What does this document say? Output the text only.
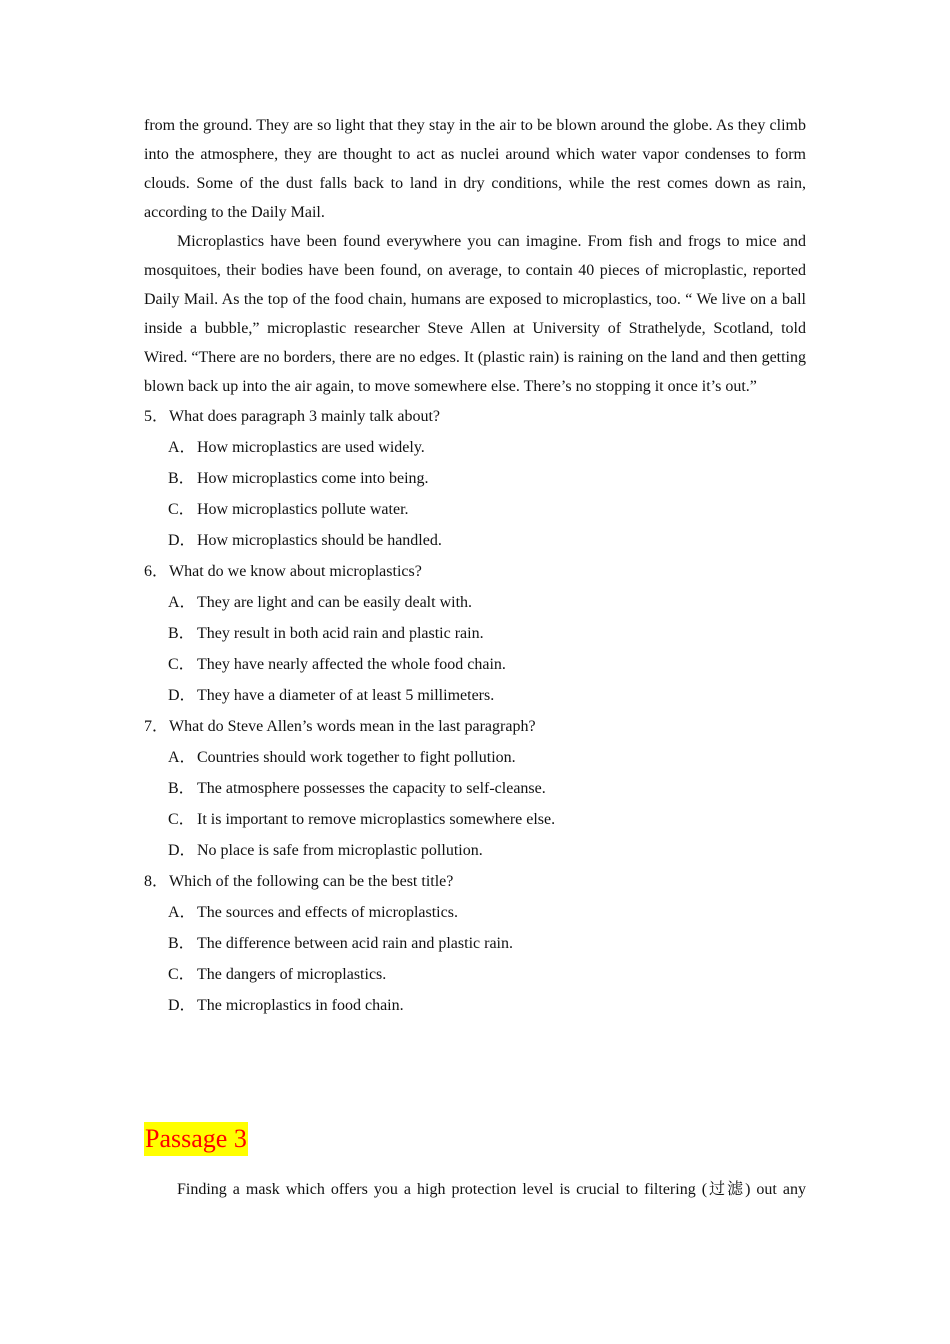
from the ground. They are so light that they stay in the air to be blown around the globe. As they climb into the atmosphere, they are thought to act as nuclei around which water vapor condenses to form clouds. Some of the dust falls back to land in dry conditions, while the rest comes down as rain, according to the Daily Mail.

Microplastics have been found everywhere you can imagine. From fish and frogs to mice and mosquitoes, their bodies have been found, on average, to contain 40 pieces of microplastic, reported Daily Mail. As the top of the food chain, humans are exposed to microplastics, too. “ We live on a ball inside a bubble,” microplastic researcher Steve Allen at University of Strathelyde, Scotland, told Wired. “There are no borders, there are no edges. It (plastic rain) is raining on the land and then getting blown back up into the air again, to move somewhere else. There’s no stopping it once it’s out.”

5．What does paragraph 3 mainly talk about?

A．How microplastics are used widely.
B． How microplastics come into being.
C． How microplastics pollute water.
D．How microplastics should be handled.

6．What do we know about microplastics?

A．They are light and can be easily dealt with.
B． They result in both acid rain and plastic rain.
C． They have nearly affected the whole food chain.
D．They have a diameter of at least 5 millimeters.

7．What do Steve Allen’s words mean in the last paragraph?

A．Countries should work together to fight pollution.
B． The atmosphere possesses the capacity to self-cleanse.
C． It is important to remove microplastics somewhere else.
D．No place is safe from microplastic pollution.

8．Which of the following can be the best title?

A．The sources and effects of microplastics.
B． The difference between acid rain and plastic rain.
C． The dangers of microplastics.
D．The microplastics in food chain.
Passage 3

Finding a mask which offers you a high protection level is crucial to filtering (过滤) out any
